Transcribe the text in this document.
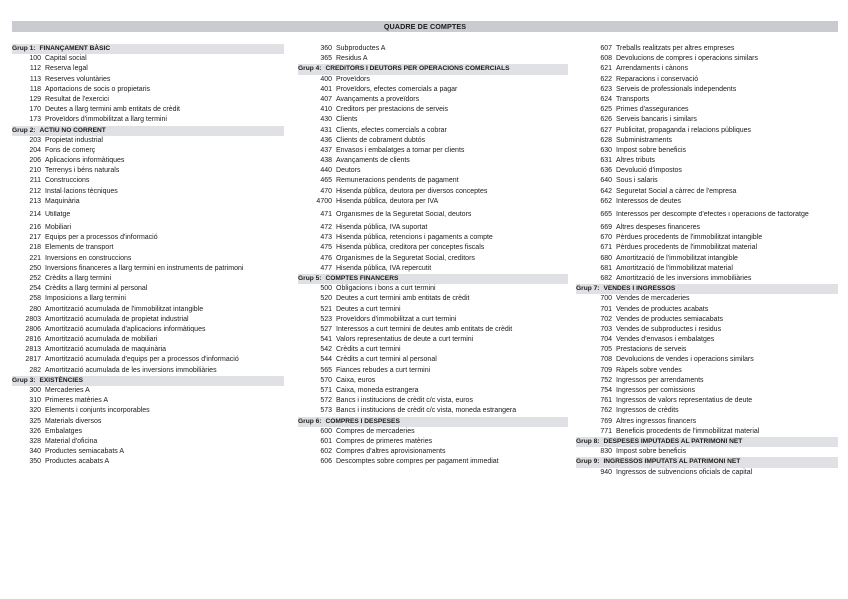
QUADRE DE COMPTES
Grup 1: FINANÇAMENT BÀSIC
100 Capital social
112 Reserva legal
113 Reserves voluntàries
118 Aportacions de socis o propietaris
129 Resultat de l'exercici
170 Deutes a llarg termini amb entitats de crèdit
173 Proveïdors d'immobilitzat a llarg termini
Grup 2: ACTIU NO CORRENT
203 Propietat industrial
204 Fons de comerç
206 Aplicacions informàtiques
210 Terrenys i béns naturals
211 Construccions
212 Instal·lacions tècniques
213 Maquinària
214 Utillatge
216 Mobiliari
217 Equips per a processos d'informació
218 Elements de transport
221 Inversions en construccions
250 Inversions financeres a llarg termini en instruments de patrimoni
252 Crèdits a llarg termini
254 Crèdits a llarg termini al personal
258 Imposicions a llarg termini
280 Amortització acumulada de l'immobilitzat intangible
2803 Amortització acumulada de propietat industrial
2806 Amortització acumulada d'aplicacions informàtiques
2816 Amortització acumulada de mobiliari
2813 Amortització acumulada de maquinària
2817 Amortització acumulada d'equips per a processos d'informació
282 Amortització acumulada de les inversions immobiliàries
Grup 3: EXISTÈNCIES
300 Mercaderies A
310 Primeres matèries A
320 Elements i conjunts incorporables
325 Materials diversos
326 Embalatges
328 Material d'oficina
340 Productes semiacabats A
350 Productes acabats A
360 Subproductes A
365 Residus A
Grup 4: CREDITORS I DEUTORS PER OPERACIONS COMERCIALS
400 Proveïdors
401 Proveïdors, efectes comercials a pagar
407 Avançaments a proveïdors
410 Creditors per prestacions de serveis
430 Clients
431 Clients, efectes comercials a cobrar
436 Clients de cobrament dubtós
437 Envasos i embalatges a tornar per clients
438 Avançaments de clients
440 Deutors
465 Remuneracions pendents de pagament
470 Hisenda pública, deutora per diversos conceptes
4700 Hisenda pública, deutora per IVA
471 Organismes de la Seguretat Social, deutors
472 Hisenda pública, IVA suportat
473 Hisenda pública, retencions i pagaments a compte
475 Hisenda pública, creditora per conceptes fiscals
476 Organismes de la Seguretat Social, creditors
477 Hisenda pública, IVA repercutit
Grup 5: COMPTES FINANCERS
500 Obligacions i bons a curt termini
520 Deutes a curt termini amb entitats de crèdit
521 Deutes a curt termini
523 Proveïdors d'immobilitzat a curt termini
527 Interessos a curt termini de deutes amb entitats de crèdit
541 Valors representatius de deute a curt termini
542 Crèdits a curt termini
544 Crèdits a curt termini al personal
565 Fiances rebudes a curt termini
570 Caixa, euros
571 Caixa, moneda estrangera
572 Bancs i institucions de crèdit c/c vista, euros
573 Bancs i institucions de crèdit c/c vista, moneda estrangera
Grup 6: COMPRES I DESPESES
600 Compres de mercaderies
601 Compres de primeres matèries
602 Compres d'altres aprovisionaments
606 Descomptes sobre compres per pagament immediat
607 Treballs realitzats per altres empreses
608 Devolucions de compres i operacions similars
621 Arrendaments i cànons
622 Reparacions i conservació
623 Serveis de professionals independents
624 Transports
625 Primes d'assegurances
626 Serveis bancaris i similars
627 Publicitat, propaganda i relacions públiques
628 Subministraments
630 Impost sobre beneficis
631 Altres tributs
636 Devolució d'impostos
640 Sous i salaris
642 Seguretat Social a càrrec de l'empresa
662 Interessos de deutes
665 Interessos per descompte d'efectes i operacions de factoratge
669 Altres despeses financeres
670 Pèrdues procedents de l'immobilitzat intangible
671 Pèrdues procedents de l'immobilitzat material
680 Amortització de l'immobilitzat intangible
681 Amortització de l'immobilitzat material
682 Amortització de les inversions immobiliàries
Grup 7: VENDES I INGRESSOS
700 Vendes de mercaderies
701 Vendes de productes acabats
702 Vendes de productes semiacabats
703 Vendes de subproductes i residus
704 Vendes d'envasos i embalatges
705 Prestacions de serveis
708 Devolucions de vendes i operacions similars
709 Ràpels sobre vendes
752 Ingressos per arrendaments
754 Ingressos per comissions
761 Ingressos de valors representatius de deute
762 Ingressos de crèdits
769 Altres ingressos financers
771 Beneficis procedents de l'immobilitzat material
Grup 8: DESPESES IMPUTADES AL PATRIMONI NET
830 Impost sobre beneficis
Grup 9: INGRESSOS IMPUTATS AL PATRIMONI NET
940 Ingressos de subvencions oficials de capital
